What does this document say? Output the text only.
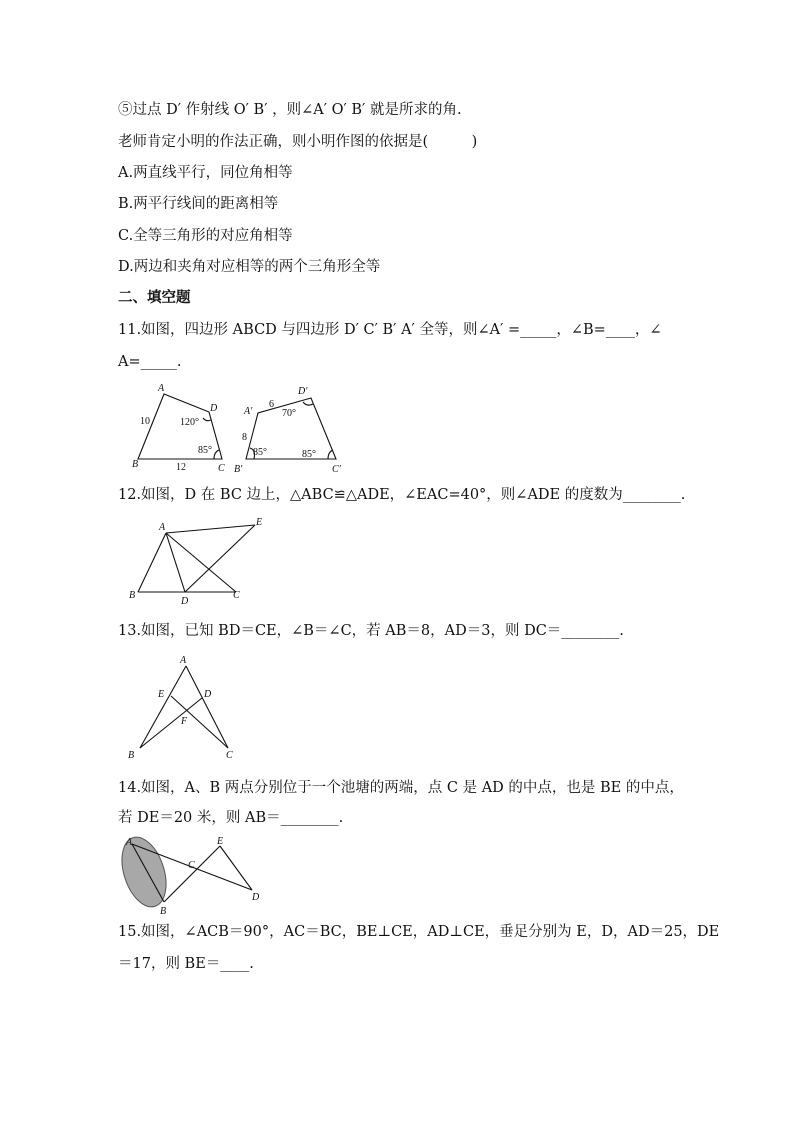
⑤过点 D′ 作射线 O′ B′ ，则∠A′ O′ B′ 就是所求的角.
老师肯定小明的作法正确，则小明作图的依据是(　　　)
A.两直线平行，同位角相等
B.两平行线间的距离相等
C.全等三角形的对应角相等
D.两边和夹角对应相等的两个三角形全等
二、填空题
11.如图，四边形 ABCD 与四边形 D′ C′ B′ A′ 全等，则∠A′ =_____，∠B=____，∠
A=_____.
B
A
D
C
10
12
120°
85°
B′
A′
D′
C′
6
8
70°
85°	85°
12.如图，D 在 BC 边上，△ABC≌△ADE，∠EAC=40°，则∠ADE 的度数为________.
A
B
D
C
E
13.如图，已知 BD＝CE，∠B＝∠C，若 AB＝8，AD＝3，则 DC＝________.
A
E	D
F
B	C
14.如图，A、B 两点分别位于一个池塘的两端，点 C 是 AD 的中点，也是 BE 的中点，
若 DE＝20 米，则 AB＝________.
A
B
C
E
D
15.如图，∠ACB＝90°，AC＝BC，BE⊥CE，AD⊥CE，垂足分别为 E，D，AD＝25，DE
＝17，则 BE＝____.
